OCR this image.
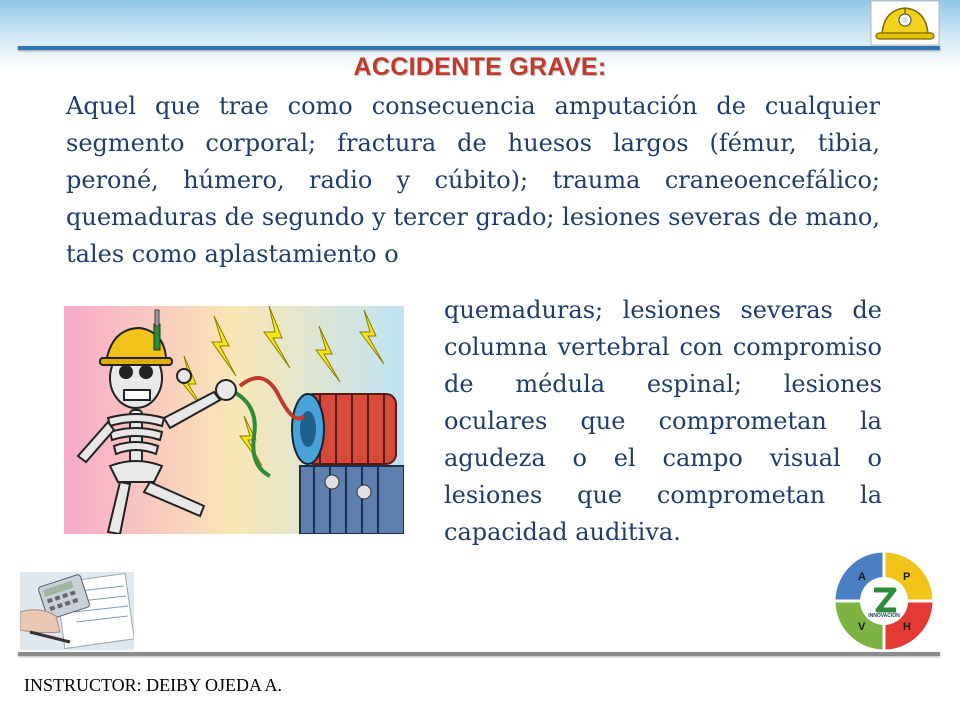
ACCIDENTE GRAVE:

Aquel que trae como consecuencia amputación de cualquier segmento corporal; fractura de huesos largos (fémur, tibia, peroné, húmero, radio y cúbito); trauma craneoencefálico; quemaduras de segundo y tercer grado; lesiones severas de mano, tales como aplastamiento o

quemaduras; lesiones severas de columna vertebral con compromiso de médula espinal; lesiones oculares que comprometan la agudeza o el campo visual o lesiones que comprometan la capacidad auditiva.

A	P
V	H
INNOVACION
INSTRUCTOR: DEIBY OJEDA A.
